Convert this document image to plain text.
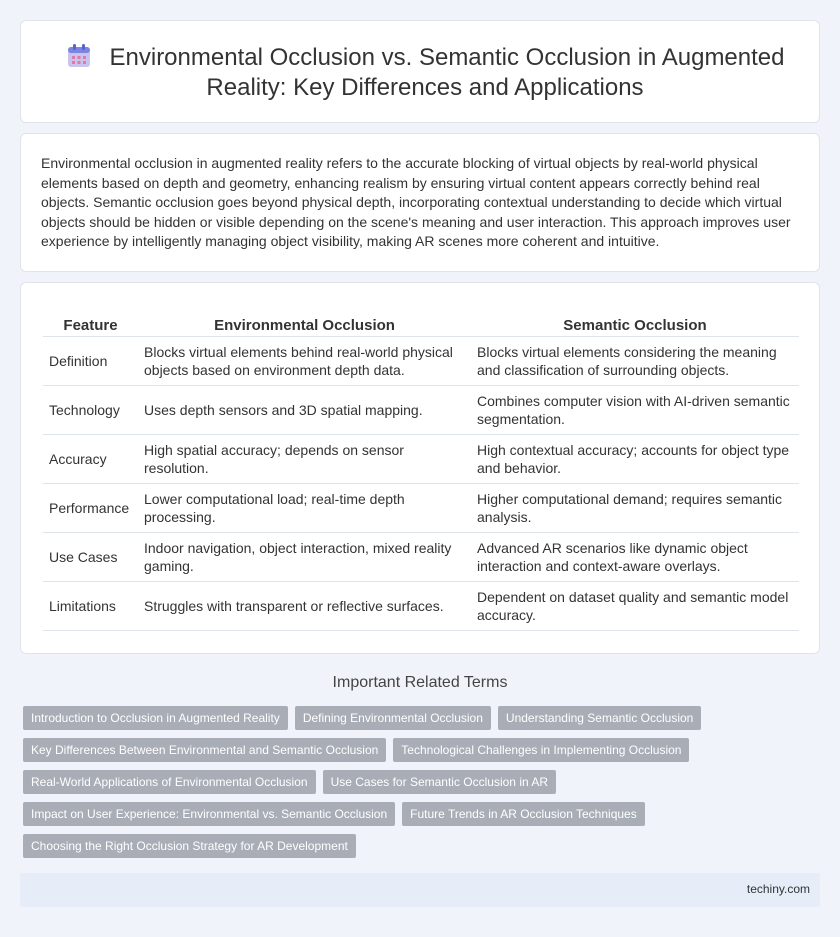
Environmental Occlusion vs. Semantic Occlusion in Augmented Reality: Key Differences and Applications

Environmental occlusion in augmented reality refers to the accurate blocking of virtual objects by real-world physical elements based on depth and geometry, enhancing realism by ensuring virtual content appears correctly behind real objects. Semantic occlusion goes beyond physical depth, incorporating contextual understanding to decide which virtual objects should be hidden or visible depending on the scene's meaning and user interaction. This approach improves user experience by intelligently managing object visibility, making AR scenes more coherent and intuitive.

Feature	Environmental Occlusion	Semantic Occlusion
Definition	Blocks virtual elements behind real-world physical objects based on environment depth data.	Blocks virtual elements considering the meaning and classification of surrounding objects.
Technology	Uses depth sensors and 3D spatial mapping.	Combines computer vision with AI-driven semantic segmentation.
Accuracy	High spatial accuracy; depends on sensor resolution.	High contextual accuracy; accounts for object type and behavior.
Performance	Lower computational load; real-time depth processing.	Higher computational demand; requires semantic analysis.
Use Cases	Indoor navigation, object interaction, mixed reality gaming.	Advanced AR scenarios like dynamic object interaction and context-aware overlays.
Limitations	Struggles with transparent or reflective surfaces.	Dependent on dataset quality and semantic model accuracy.
Important Related Terms
Introduction to Occlusion in Augmented Reality	Defining Environmental Occlusion	Understanding Semantic Occlusion
Key Differences Between Environmental and Semantic Occlusion	Technological Challenges in Implementing Occlusion
Real-World Applications of Environmental Occlusion	Use Cases for Semantic Occlusion in AR
Impact on User Experience: Environmental vs. Semantic Occlusion	Future Trends in AR Occlusion Techniques
Choosing the Right Occlusion Strategy for AR Development
techiny.com
